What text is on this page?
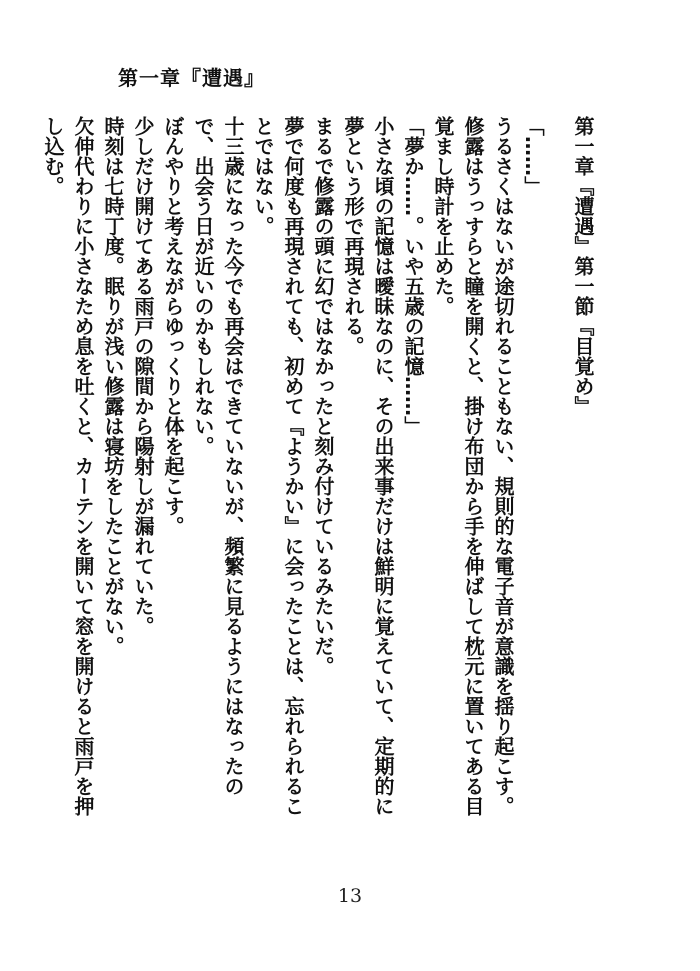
第一章『遭遇』
第一章『遭遇』第一節『目覚め』
「……」
うるさくはないが途切れることもない、規則的な電子音が意識を揺り起こす。
修露はうっすらと瞳を開くと、掛け布団から手を伸ばして枕元に置いてある目覚まし時計を止めた。
「夢か……。いや五歳の記憶……」
小さな頃の記憶は曖昧なのに、その出来事だけは鮮明に覚えていて、定期的に夢という形で再現される。
まるで修露の頭に幻ではなかったと刻み付けているみたいだ。
夢で何度も再現されても、初めて『ようかい』に会ったことは、忘れられることではない。
十三歳になった今でも再会はできていないが、頻繁に見るようにはなったので、出会う日が近いのかもしれない。
ぼんやりと考えながらゆっくりと体を起こす。
少しだけ開けてある雨戸の隙間から陽射しが漏れていた。
時刻は七時丁度。眠りが浅い修露は寝坊をしたことがない。
欠伸代わりに小さなため息を吐くと、カーテンを開いて窓を開けると雨戸を押し込む。
13
